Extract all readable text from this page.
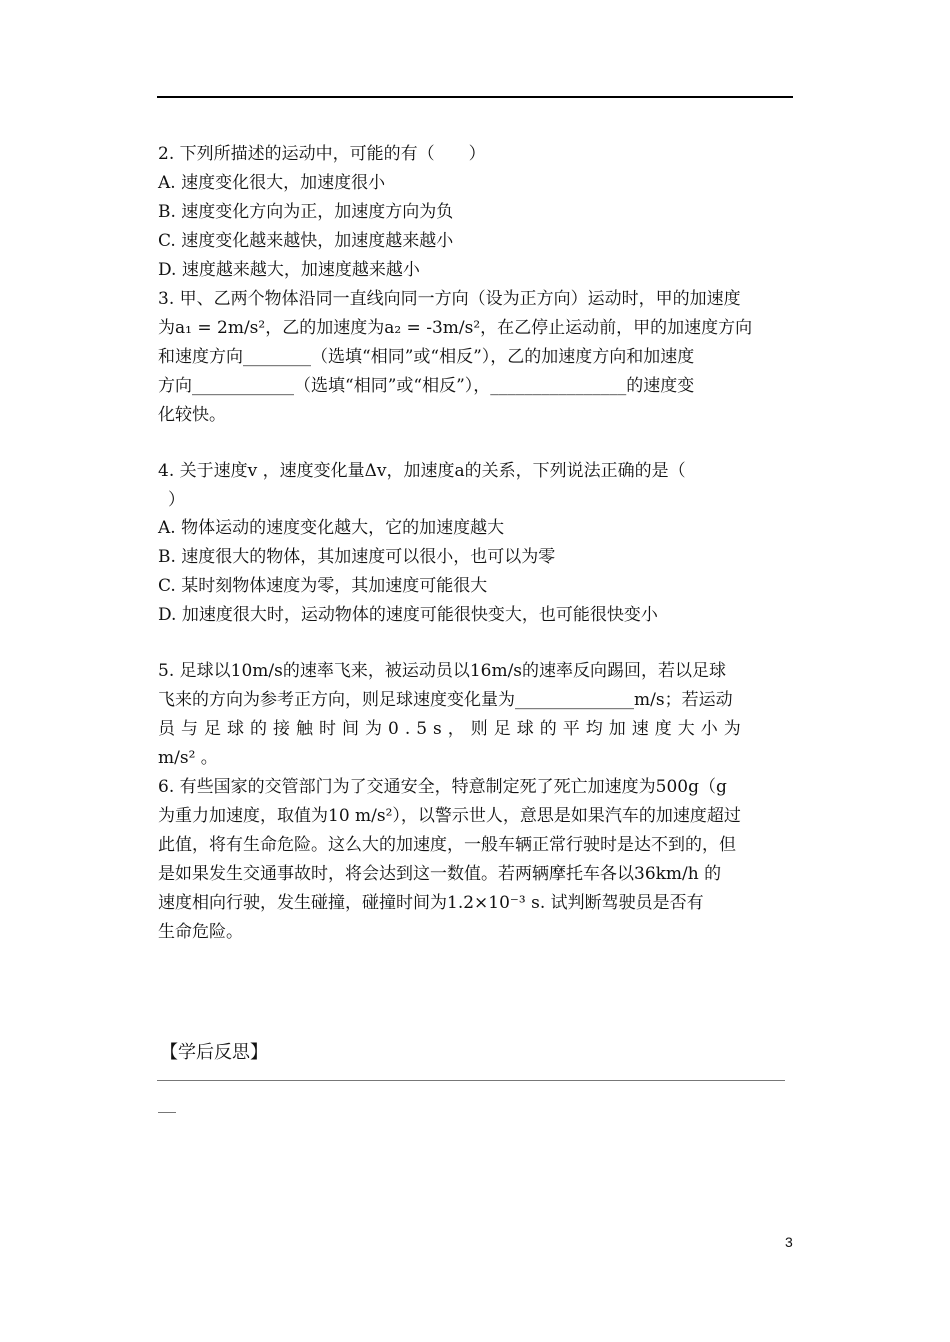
2. 下列所描述的运动中，可能的有（　　）
A. 速度变化很大，加速度很小
B. 速度变化方向为正，加速度方向为负
C. 速度变化越来越快，加速度越来越小
D. 速度越来越大，加速度越来越小
3. 甲、乙两个物体沿同一直线向同一方向（设为正方向）运动时，甲的加速度
为a₁ = 2m/s²，乙的加速度为a₂ = -3m/s²，在乙停止运动前，甲的加速度方向
和速度方向________（选填“相同”或“相反”），乙的加速度方向和加速度
方向____________（选填“相同”或“相反”），________________的速度变
化较快。
4. 关于速度v ，速度变化量Δv，加速度a的关系，下列说法正确的是（
）
A. 物体运动的速度变化越大，它的加速度越大
B. 速度很大的物体，其加速度可以很小，也可以为零
C. 某时刻物体速度为零，其加速度可能很大
D. 加速度很大时，运动物体的速度可能很快变大，也可能很快变小
5. 足球以10m/s的速率飞来，被运动员以16m/s的速率反向踢回，若以足球
飞来的方向为参考正方向，则足球速度变化量为______________m/s；若运动
员与足球的接触时间为0.5s，则足球的平均加速度大小为
m/s² 。
6. 有些国家的交管部门为了交通安全，特意制定死了死亡加速度为500g（g
为重力加速度，取值为10 m/s²），以警示世人，意思是如果汽车的加速度超过
此值，将有生命危险。这么大的加速度，一般车辆正常行驶时是达不到的，但
是如果发生交通事故时，将会达到这一数值。若两辆摩托车各以36km/h 的
速度相向行驶，发生碰撞，碰撞时间为1.2×10⁻³ s. 试判断驾驶员是否有
生命危险。
【学后反思】
3
